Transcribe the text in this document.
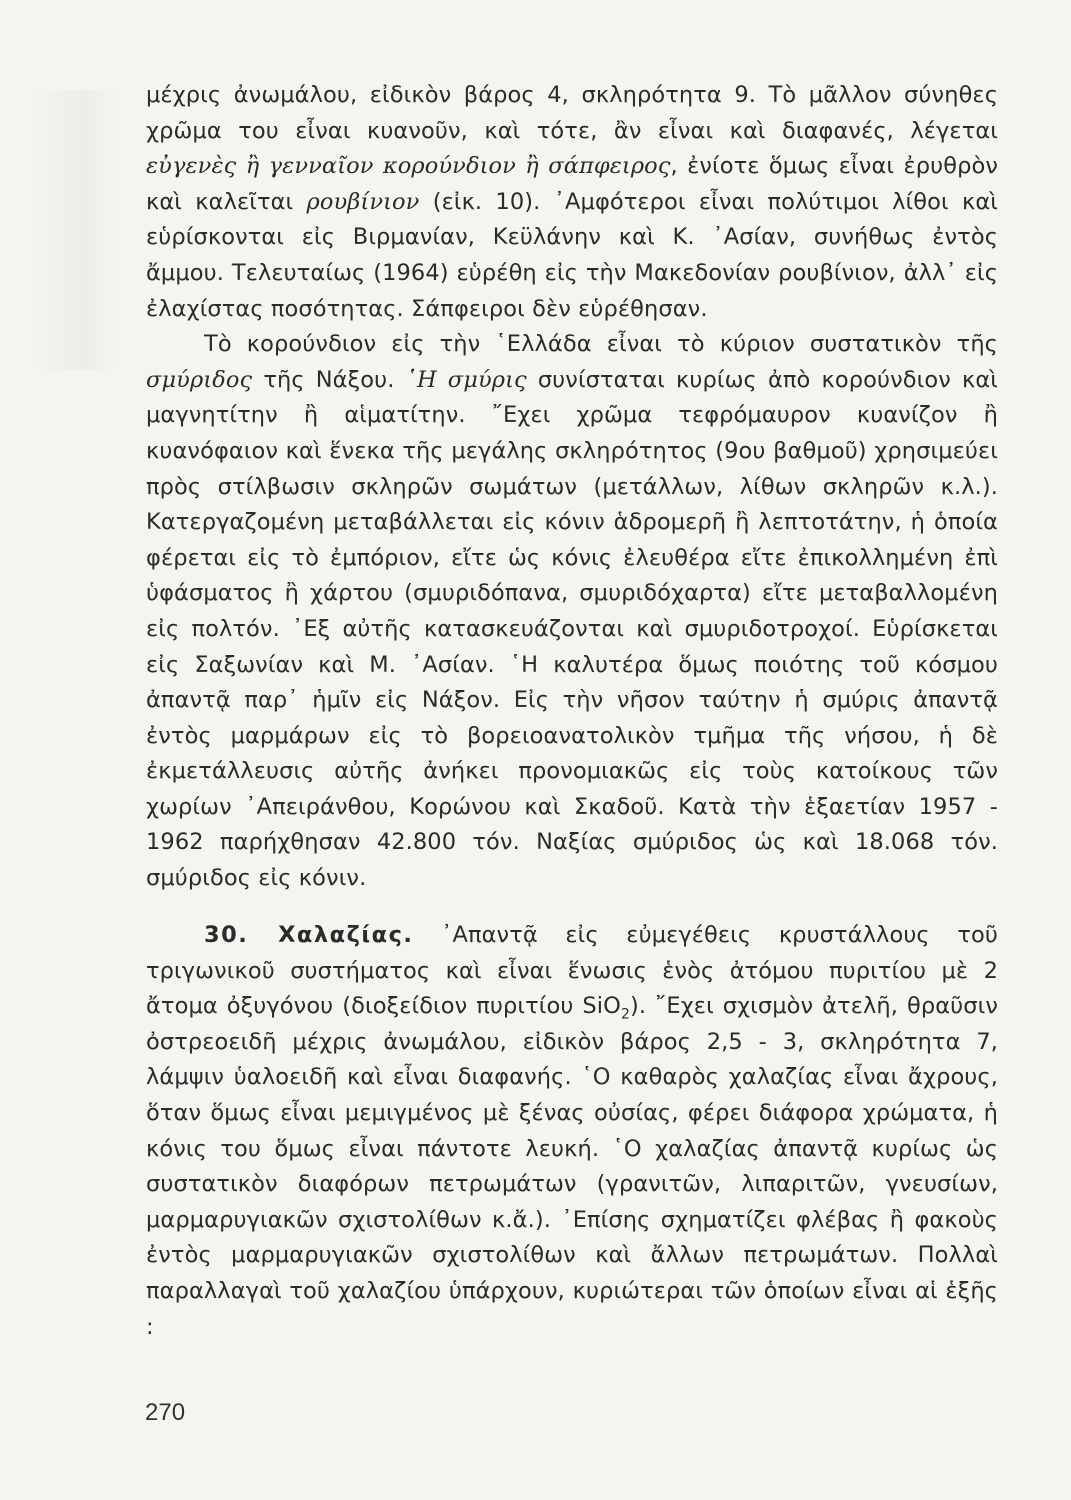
μέχρις ἀνωμάλου, εἰδικὸν βάρος 4, σκληρότητα 9. Τὸ μᾶλλον σύνηθες χρῶμα του εἶναι κυανοῦν, καὶ τότε, ἂν εἶναι καὶ διαφανές, λέγεται εὐγενὲς ἢ γενναῖον κορούνδιον ἢ σάπφειρος, ἐνίοτε ὅμως εἶναι ἐρυθρὸν καὶ καλεῖται ρουβίνιον (εἰκ. 10). ᾿Αμφότεροι εἶναι πολύτιμοι λίθοι καὶ εὑρίσκονται εἰς Βιρμανίαν, Κεϋλάνην καὶ Κ. ᾿Ασίαν, συνήθως ἐντὸς ἄμμου. Τελευταίως (1964) εὑρέθη εἰς τὴν Μακεδονίαν ρουβίνιον, ἀλλ᾿ εἰς ἐλαχίστας ποσότητας. Σάπφειροι δὲν εὑρέθησαν.

Τὸ κορούνδιον εἰς τὴν ῾Ελλάδα εἶναι τὸ κύριον συστατικὸν τῆς σμύριδος τῆς Νάξου. ῾Η σμύρις συνίσταται κυρίως ἀπὸ κορούνδιον καὶ μαγνητίτην ἢ αἱματίτην. ῎Εχει χρῶμα τεφρόμαυρον κυανίζον ἢ κυανόφαιον καὶ ἕνεκα τῆς μεγάλης σκληρότητος (9ου βαθμοῦ) χρησιμεύει πρὸς στίλβωσιν σκληρῶν σωμάτων (μετάλλων, λίθων σκληρῶν κ.λ.). Κατεργαζομένη μεταβάλλεται εἰς κόνιν ἁδρομερῆ ἢ λεπτοτάτην, ἡ ὁποία φέρεται εἰς τὸ ἐμπόριον, εἴτε ὡς κόνις ἐλευθέρα εἴτε ἐπικολλημένη ἐπὶ ὑφάσματος ἢ χάρτου (σμυριδόπανα, σμυριδόχαρτα) εἴτε μεταβαλλομένη εἰς πολτόν. ᾿Εξ αὐτῆς κατασκευάζονται καὶ σμυριδοτροχοί. Εὑρίσκεται εἰς Σαξωνίαν καὶ Μ. ᾿Ασίαν. ῾Η καλυτέρα ὅμως ποιότης τοῦ κόσμου ἀπαντᾷ παρ᾿ ἡμῖν εἰς Νάξον. Εἰς τὴν νῆσον ταύτην ἡ σμύρις ἀπαντᾷ ἐντὸς μαρμάρων εἰς τὸ βορειοανατολικὸν τμῆμα τῆς νήσου, ἡ δὲ ἐκμετάλλευσις αὐτῆς ἀνήκει προνομιακῶς εἰς τοὺς κατοίκους τῶν χωρίων ᾿Απειράνθου, Κορώνου καὶ Σκαδοῦ. Κατὰ τὴν ἑξαετίαν 1957 - 1962 παρήχθησαν 42.800 τόν. Ναξίας σμύριδος ὡς καὶ 18.068 τόν. σμύριδος εἰς κόνιν.

30. Χαλαζίας. ᾿Απαντᾷ εἰς εὐμεγέθεις κρυστάλλους τοῦ τριγωνικοῦ συστήματος καὶ εἶναι ἕνωσις ἑνὸς ἀτόμου πυριτίου μὲ 2 ἄτομα ὀξυγόνου (διοξείδιον πυριτίου SiO$_2$). ῎Εχει σχισμὸν ἀτελῆ, θραῦσιν ὀστρεοειδῆ μέχρις ἀνωμάλου, εἰδικὸν βάρος 2,5 - 3, σκληρότητα 7, λάμψιν ὑαλοειδῆ καὶ εἶναι διαφανής. ῾Ο καθαρὸς χαλαζίας εἶναι ἄχρους, ὅταν ὅμως εἶναι μεμιγμένος μὲ ξένας οὐσίας, φέρει διάφορα χρώματα, ἡ κόνις του ὅμως εἶναι πάντοτε λευκή. ῾Ο χαλαζίας ἀπαντᾷ κυρίως ὡς συστατικὸν διαφόρων πετρωμάτων (γρανιτῶν, λιπαριτῶν, γνευσίων, μαρμαρυγιακῶν σχιστολίθων κ.ἄ.). ᾿Επίσης σχηματίζει φλέβας ἢ φακοὺς ἐντὸς μαρμαρυγιακῶν σχιστολίθων καὶ ἄλλων πετρωμάτων. Πολλαὶ παραλλαγαὶ τοῦ χαλαζίου ὑπάρχουν, κυριώτεραι τῶν ὁποίων εἶναι αἱ ἑξῆς :

270
